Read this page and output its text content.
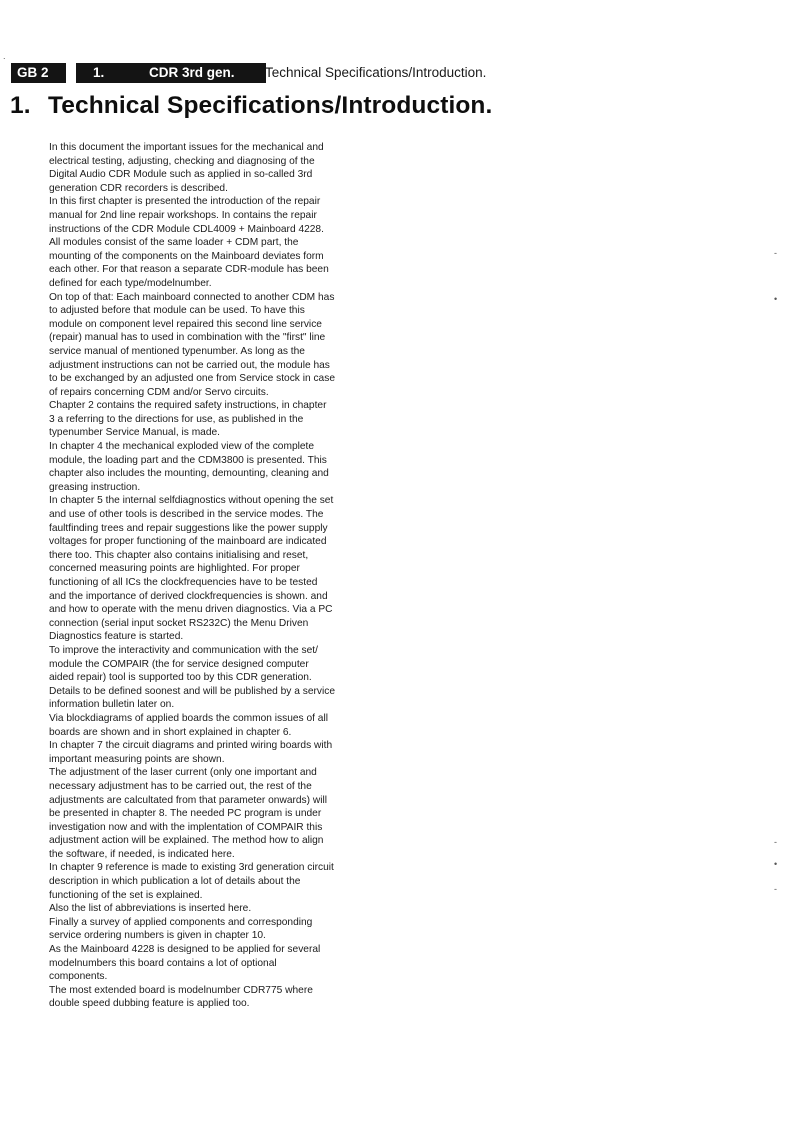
GB 2	1.	CDR 3rd gen.	Technical Specifications/Introduction.
1. Technical Specifications/Introduction.
In this document the important issues for the mechanical and
electrical testing, adjusting, checking and diagnosing of the
Digital Audio CDR Module such as applied in so-called 3rd
generation CDR recorders is described.
In this first chapter is presented the introduction of the repair
manual for 2nd line repair workshops. In contains the repair
instructions of the CDR Module CDL4009 + Mainboard 4228.
All modules consist of the same loader + CDM part, the
mounting of the components on the Mainboard deviates form
each other. For that reason a separate CDR-module has been
defined for each type/modelnumber.
On top of that: Each mainboard connected to another CDM has
to adjusted before that module can be used. To have this
module on component level repaired this second line service
(repair) manual has to used in combination with the "first" line
service manual of mentioned typenumber. As long as the
adjustment instructions can not be carried out, the module has
to be exchanged by an adjusted one from Service stock in case
of repairs concerning CDM and/or Servo circuits.
Chapter 2 contains the required safety instructions, in chapter
3 a referring to the directions for use, as published in the
typenumber Service Manual, is made.
In chapter 4 the mechanical exploded view of the complete
module, the loading part and the CDM3800 is presented. This
chapter also includes the mounting, demounting, cleaning and
greasing instruction.
In chapter 5 the internal selfdiagnostics without opening the set
and use of other tools is described in the service modes. The
faultfinding trees and repair suggestions like the power supply
voltages for proper functioning of the mainboard are indicated
there too. This chapter also contains initialising and reset,
concerned measuring points are highlighted. For proper
functioning of all ICs the clockfrequencies have to be tested
and the importance of derived clockfrequencies is shown. and
and how to operate with the menu driven diagnostics. Via a PC
connection (serial input socket RS232C) the Menu Driven
Diagnostics feature is started.
To improve the interactivity and communication with the set/
module the COMPAIR (the for service designed computer
aided repair) tool is supported too by this CDR generation.
Details to be defined soonest and will be published by a service
information bulletin later on.
Via blockdiagrams of applied boards the common issues of all
boards are shown and in short explained in chapter 6.
In chapter 7 the circuit diagrams and printed wiring boards with
important measuring points are shown.
The adjustment of the laser current (only one important and
necessary adjustment has to be carried out, the rest of the
adjustments are calcultated from that parameter onwards) will
be presented in chapter 8. The needed PC program is under
investigation now and with the implentation of COMPAIR this
adjustment action will be explained. The method how to align
the software, if needed, is indicated here.
In chapter 9 reference is made to existing 3rd generation circuit
description in which publication a lot of details about the
functioning of the set is explained.
Also the list of abbreviations is inserted here.
Finally a survey of applied components and corresponding
service ordering numbers is given in chapter 10.
As the Mainboard 4228 is designed to be applied for several
modelnumbers this board contains a lot of optional
components.
The most extended board is modelnumber CDR775 where
double speed dubbing feature is applied too.
.
-
•
-
•
-
